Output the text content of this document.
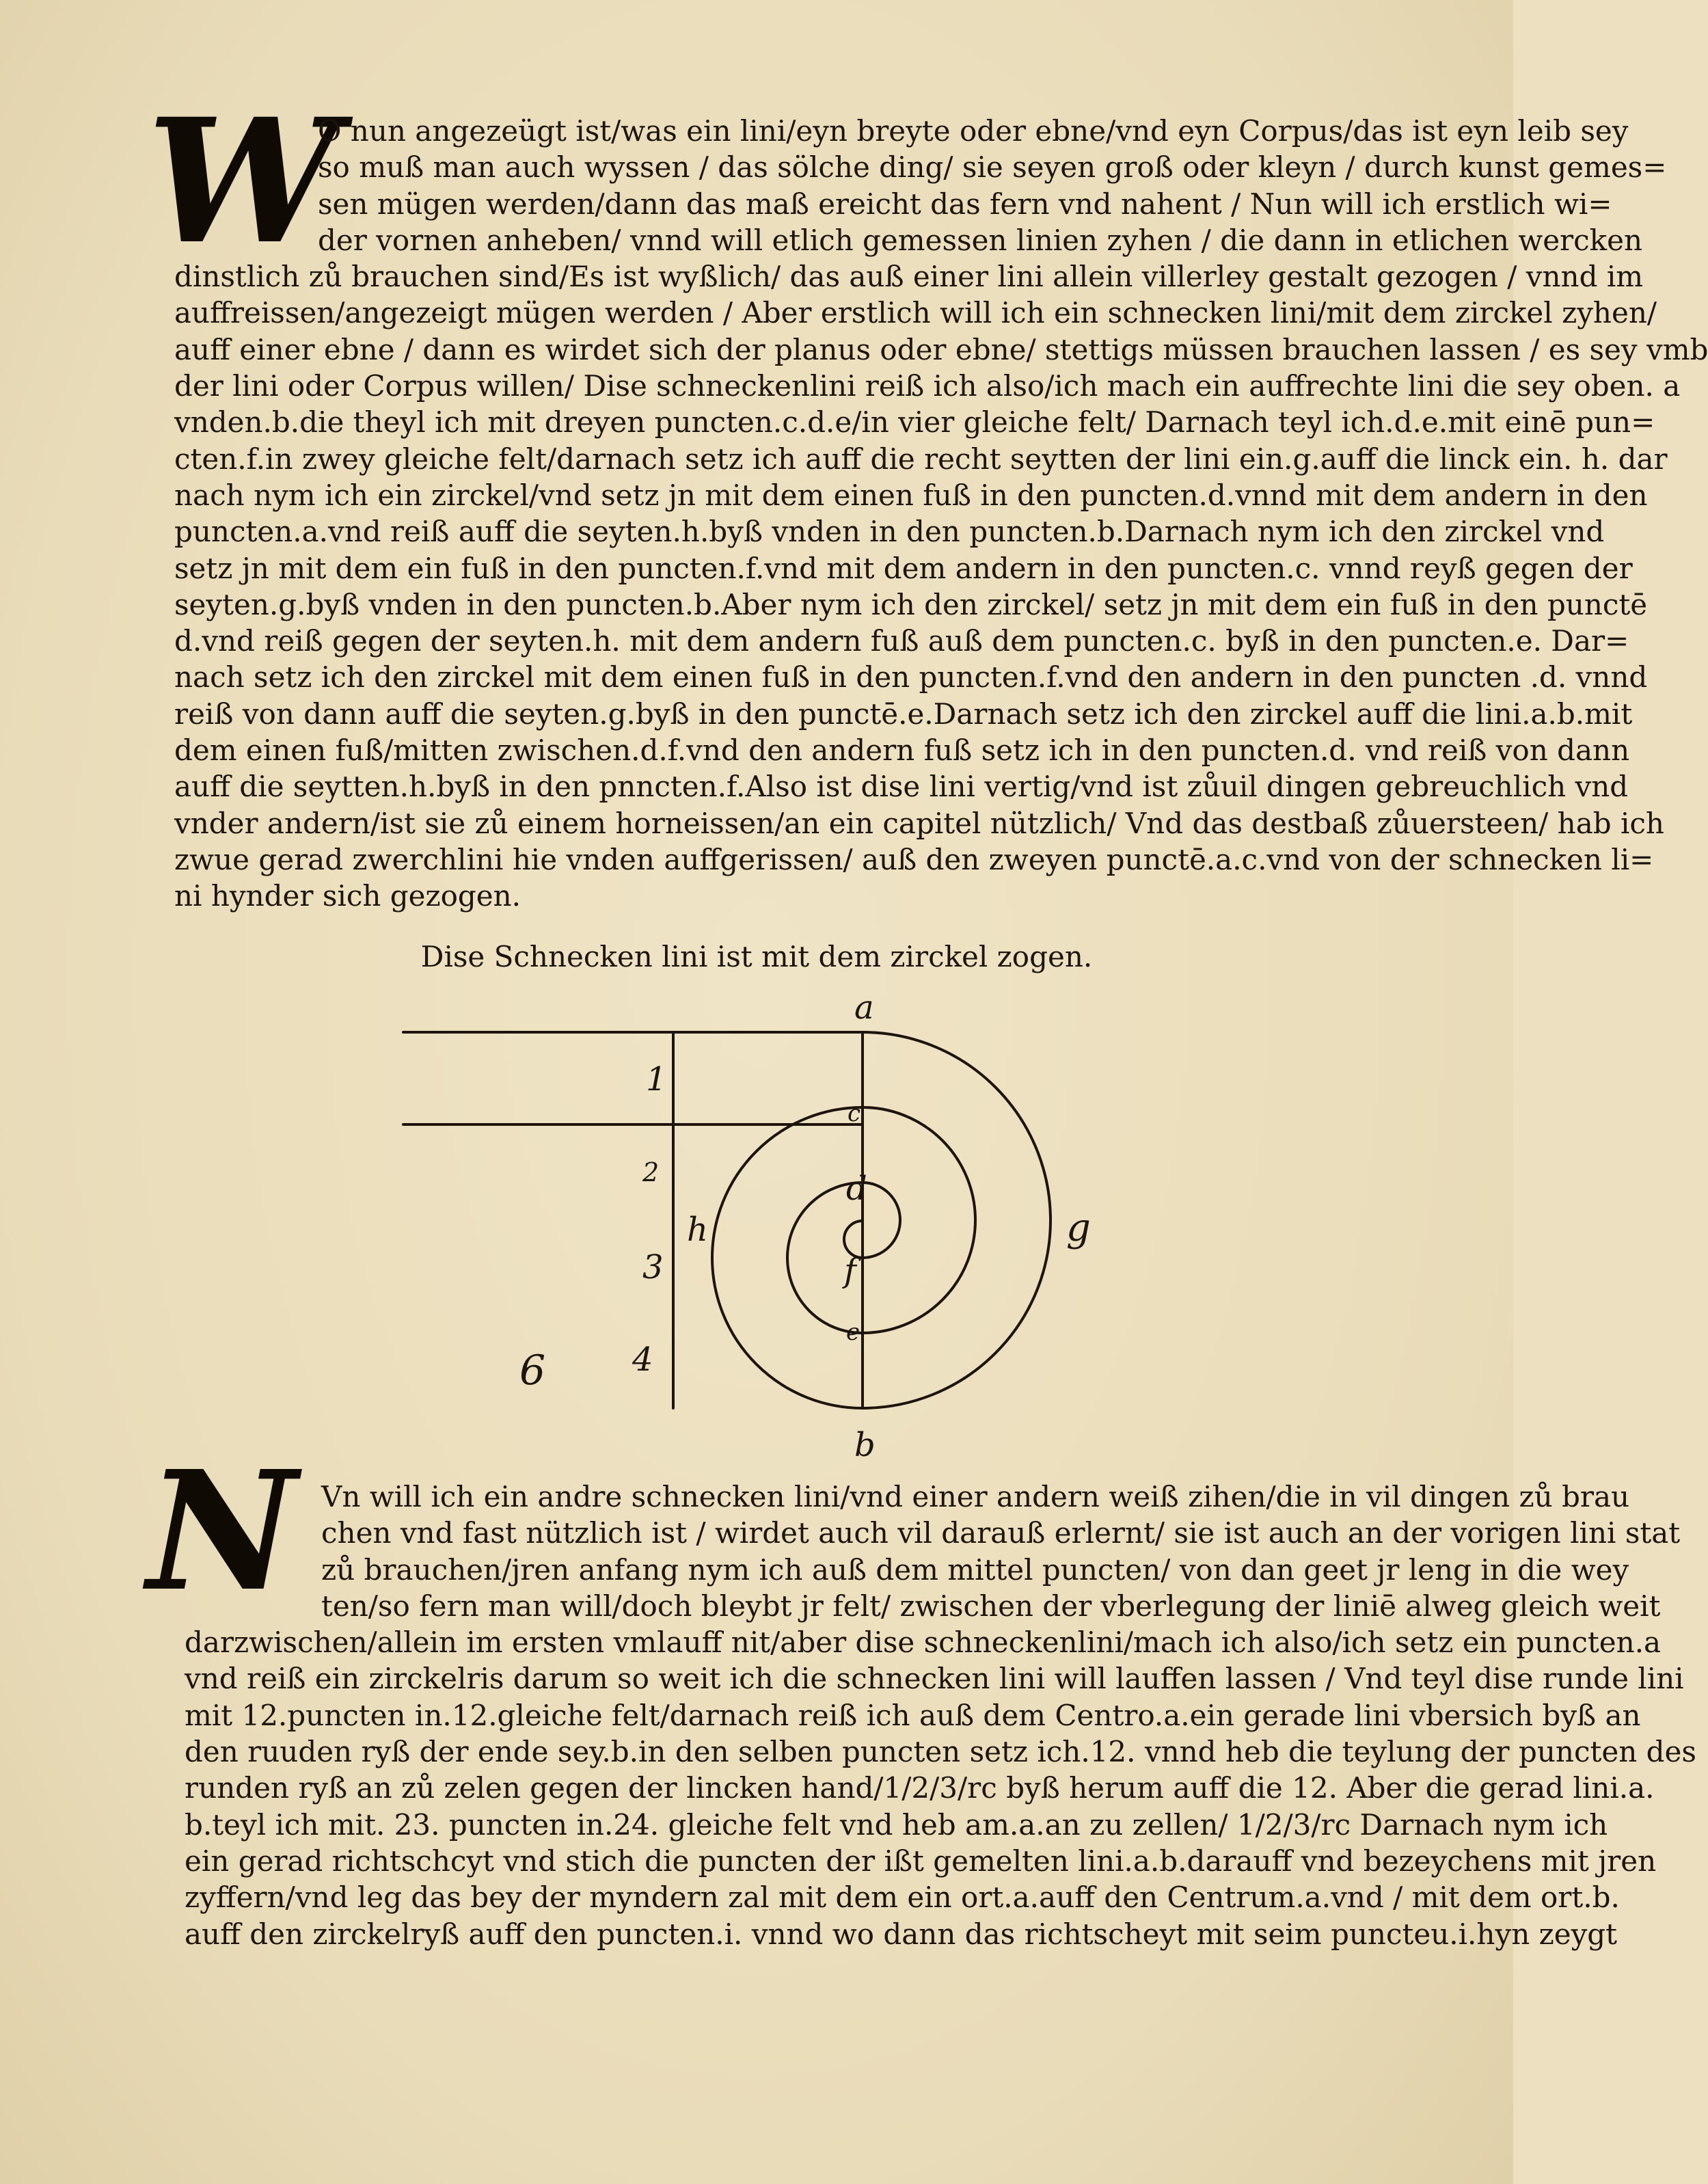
W
O nun angezeügt ist/was ein lini/eyn breyte oder ebne/vnd eyn Corpus/das ist eyn leib sey
so muß man auch wyssen / das sölche ding/ sie seyen groß oder kleyn / durch kunst gemes=
sen mügen werden/dann das maß ereicht das fern vnd nahent / Nun will ich erstlich wi=
der vornen anheben/ vnnd will etlich gemessen linien zyhen / die dann in etlichen wercken
dinstlich zů brauchen sind/Es ist wyßlich/ das auß einer lini allein villerley gestalt gezogen / vnnd im
auffreissen/angezeigt mügen werden / Aber erstlich will ich ein schnecken lini/mit dem zirckel zyhen/
auff einer ebne / dann es wirdet sich der planus oder ebne/ stettigs müssen brauchen lassen / es sey vmb
der lini oder Corpus willen/ Dise schneckenlini reiß ich also/ich mach ein auffrechte lini die sey oben. a
vnden.b.die theyl ich mit dreyen puncten.c.d.e/in vier gleiche felt/ Darnach teyl ich.d.e.mit einē pun=
cten.f.in zwey gleiche felt/darnach setz ich auff die recht seytten der lini ein.g.auff die linck ein. h. dar
nach nym ich ein zirckel/vnd setz jn mit dem einen fuß in den puncten.d.vnnd mit dem andern in den
puncten.a.vnd reiß auff die seyten.h.byß vnden in den puncten.b.Darnach nym ich den zirckel vnd
setz jn mit dem ein fuß in den puncten.f.vnd mit dem andern in den puncten.c. vnnd reyß gegen der
seyten.g.byß vnden in den puncten.b.Aber nym ich den zirckel/ setz jn mit dem ein fuß in den punctē
d.vnd reiß gegen der seyten.h. mit dem andern fuß auß dem puncten.c. byß in den puncten.e. Dar=
nach setz ich den zirckel mit dem einen fuß in den puncten.f.vnd den andern in den puncten .d. vnnd
reiß von dann auff die seyten.g.byß in den punctē.e.Darnach setz ich den zirckel auff die lini.a.b.mit
dem einen fuß/mitten zwischen.d.f.vnd den andern fuß setz ich in den puncten.d. vnd reiß von dann
auff die seytten.h.byß in den pnncten.f.Also ist dise lini vertig/vnd ist zůuil dingen gebreuchlich vnd
vnder andern/ist sie zů einem horneissen/an ein capitel nützlich/ Vnd das destbaß zůuersteen/ hab ich
zwue gerad zwerchlini hie vnden auffgerissen/ auß den zweyen punctē.a.c.vnd von der schnecken li=
ni hynder sich gezogen.
Dise Schnecken lini ist mit dem zirckel zogen.
a
b
c
d
e
f
g
h
1
2
3
4
6
N Vn will ich ein andre schnecken lini/vnd einer andern weiß zihen/die in vil dingen zů brau
chen vnd fast nützlich ist / wirdet auch vil darauß erlernt/ sie ist auch an der vorigen lini stat
zů brauchen/jren anfang nym ich auß dem mittel puncten/ von dan geet jr leng in die wey
ten/so fern man will/doch bleybt jr felt/ zwischen der vberlegung der liniē alweg gleich weit
darzwischen/allein im ersten vmlauff nit/aber dise schneckenlini/mach ich also/ich setz ein puncten.a
vnd reiß ein zirckelris darum so weit ich die schnecken lini will lauffen lassen / Vnd teyl dise runde lini
mit 12.puncten in.12.gleiche felt/darnach reiß ich auß dem Centro.a.ein gerade lini vbersich byß an
den ruuden ryß der ende sey.b.in den selben puncten setz ich.12. vnnd heb die teylung der puncten des
runden ryß an zů zelen gegen der lincken hand/1/2/3/rc byß herum auff die 12. Aber die gerad lini.a.
b.teyl ich mit. 23. puncten in.24. gleiche felt vnd heb am.a.an zu zellen/ 1/2/3/rc Darnach nym ich
ein gerad richtschcyt vnd stich die puncten der ißt gemelten lini.a.b.darauff vnd bezeychens mit jren
zyffern/vnd leg das bey der myndern zal mit dem ein ort.a.auff den Centrum.a.vnd / mit dem ort.b.
auff den zirckelryß auff den puncten.i. vnnd wo dann das richtscheyt mit seim puncteu.i.hyn zeygt
